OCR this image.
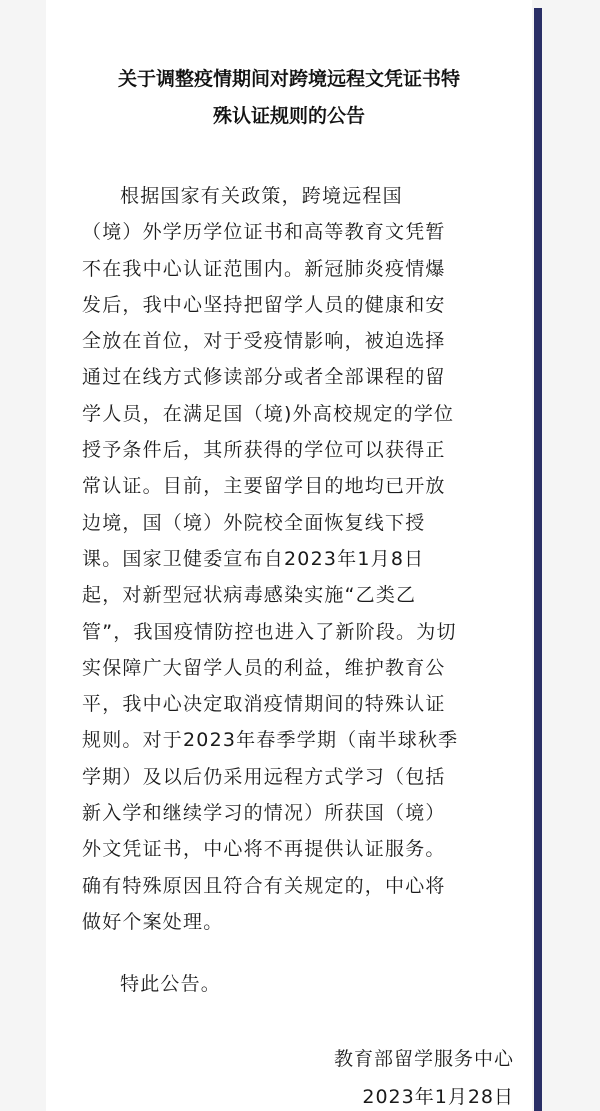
关于调整疫情期间对跨境远程文凭证书特
殊认证规则的公告
根据国家有关政策，跨境远程国
（境）外学历学位证书和高等教育文凭暂
不在我中心认证范围内。新冠肺炎疫情爆
发后，我中心坚持把留学人员的健康和安
全放在首位，对于受疫情影响，被迫选择
通过在线方式修读部分或者全部课程的留
学人员，在满足国（境)外高校规定的学位
授予条件后，其所获得的学位可以获得正
常认证。目前，主要留学目的地均已开放
边境，国（境）外院校全面恢复线下授
课。国家卫健委宣布自2023年1月8日
起，对新型冠状病毒感染实施“乙类乙
管”，我国疫情防控也进入了新阶段。为切
实保障广大留学人员的利益，维护教育公
平，我中心决定取消疫情期间的特殊认证
规则。对于2023年春季学期（南半球秋季
学期）及以后仍采用远程方式学习（包括
新入学和继续学习的情况）所获国（境）
外文凭证书，中心将不再提供认证服务。
确有特殊原因且符合有关规定的，中心将
做好个案处理。
特此公告。
教育部留学服务中心
2023年1月28日
